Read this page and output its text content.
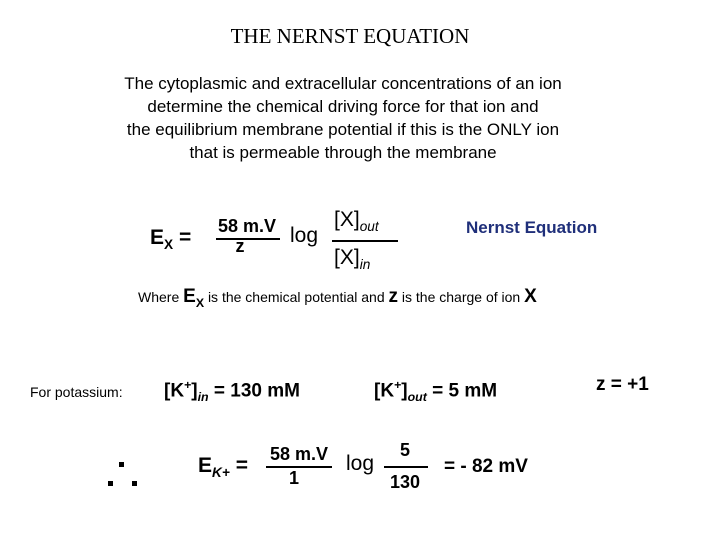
THE NERNST EQUATION
The cytoplasmic and extracellular concentrations of an ion
determine the chemical driving force for that ion and
the equilibrium membrane potential if this is the ONLY ion
that is permeable through the membrane
$E_X = 58$ m.V
z	log
$[X]_{out}$
$[X]_{in}$
Nernst Equation
Where $E_X$ is the chemical potential and z is the charge of ion X
For potassium: $[K^+]_{in} = 130$ mM	$[K^+]_{out} = 5$ mM	z = +1
$E_{K+} = 58$ m.V
1
log
5
130
= - 82 mV
